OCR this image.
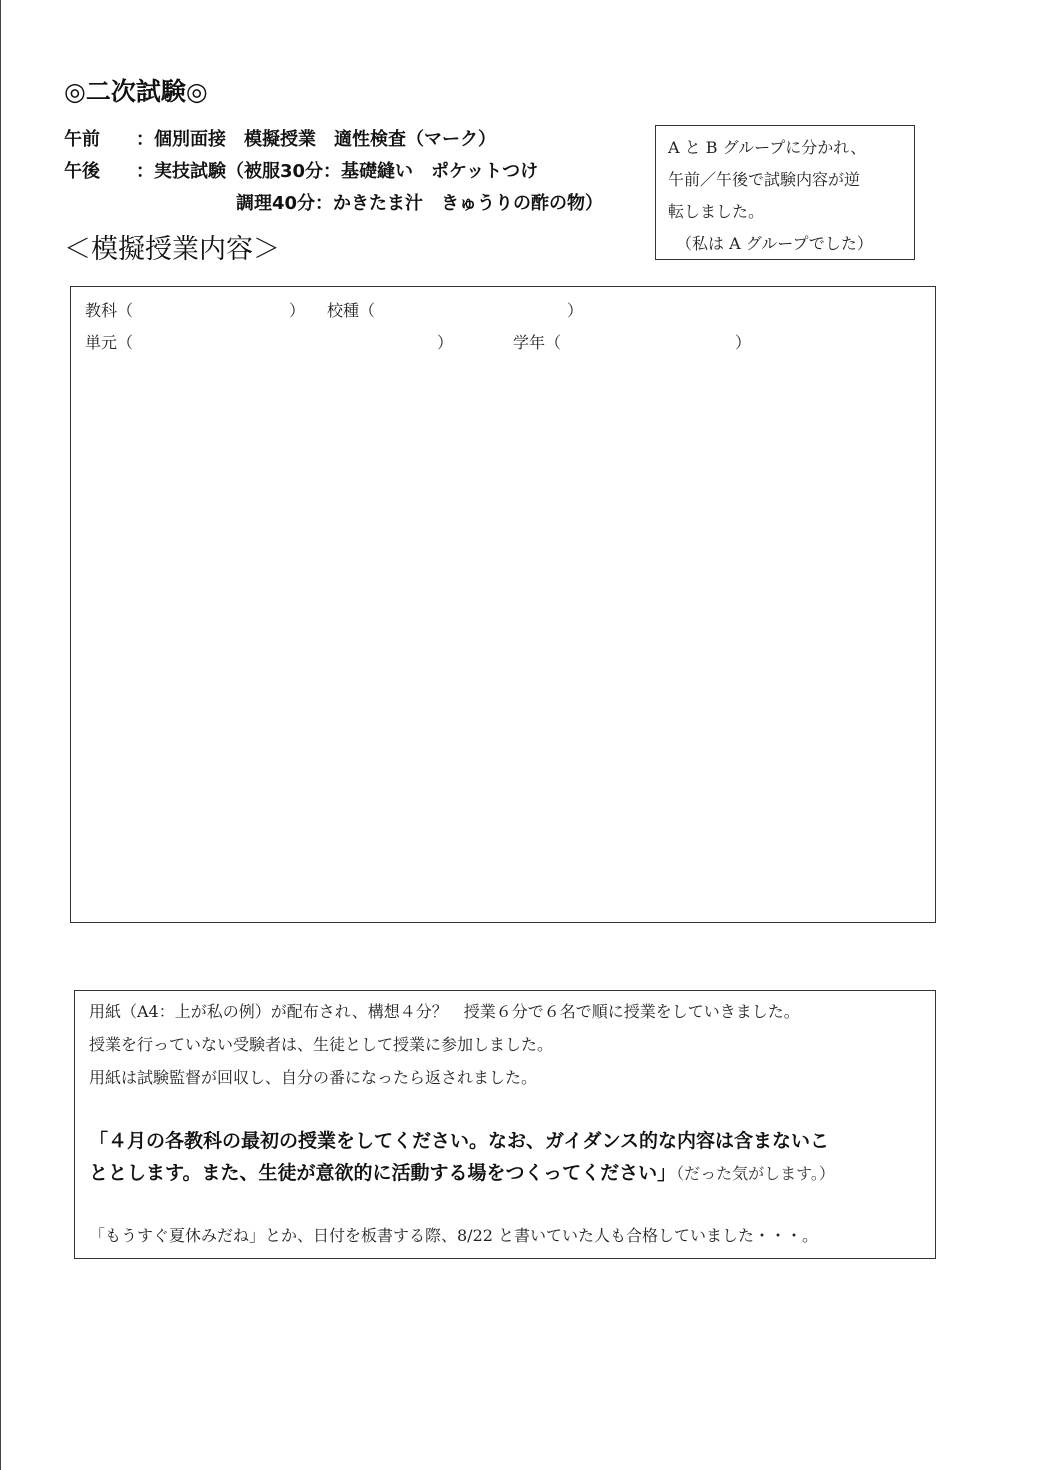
◎二次試験◎
午前 ：個別面接　模擬授業　適性検査（マーク）
午後 ：実技試験（被服30分：基礎縫い　ポケットつけ
調理40分：かきたま汁　きゅうりの酢の物）
A と B グループに分かれ、
午前／午後で試験内容が逆
転しました。
（私は A グループでした）
＜模擬授業内容＞
教科（	） 校種（	）
単元（	）	学年（	）
用紙（A4：上が私の例）が配布され、構想４分？　授業６分で６名で順に授業をしていきました。
授業を行っていない受験者は、生徒として授業に参加しました。
用紙は試験監督が回収し、自分の番になったら返されました。
「４月の各教科の最初の授業をしてください。なお、ガイダンス的な内容は含まないこ
ととします。また、生徒が意欲的に活動する場をつくってください」（だった気がします。）
「もうすぐ夏休みだね」とか、日付を板書する際、8/22 と書いていた人も合格していました・・・。
